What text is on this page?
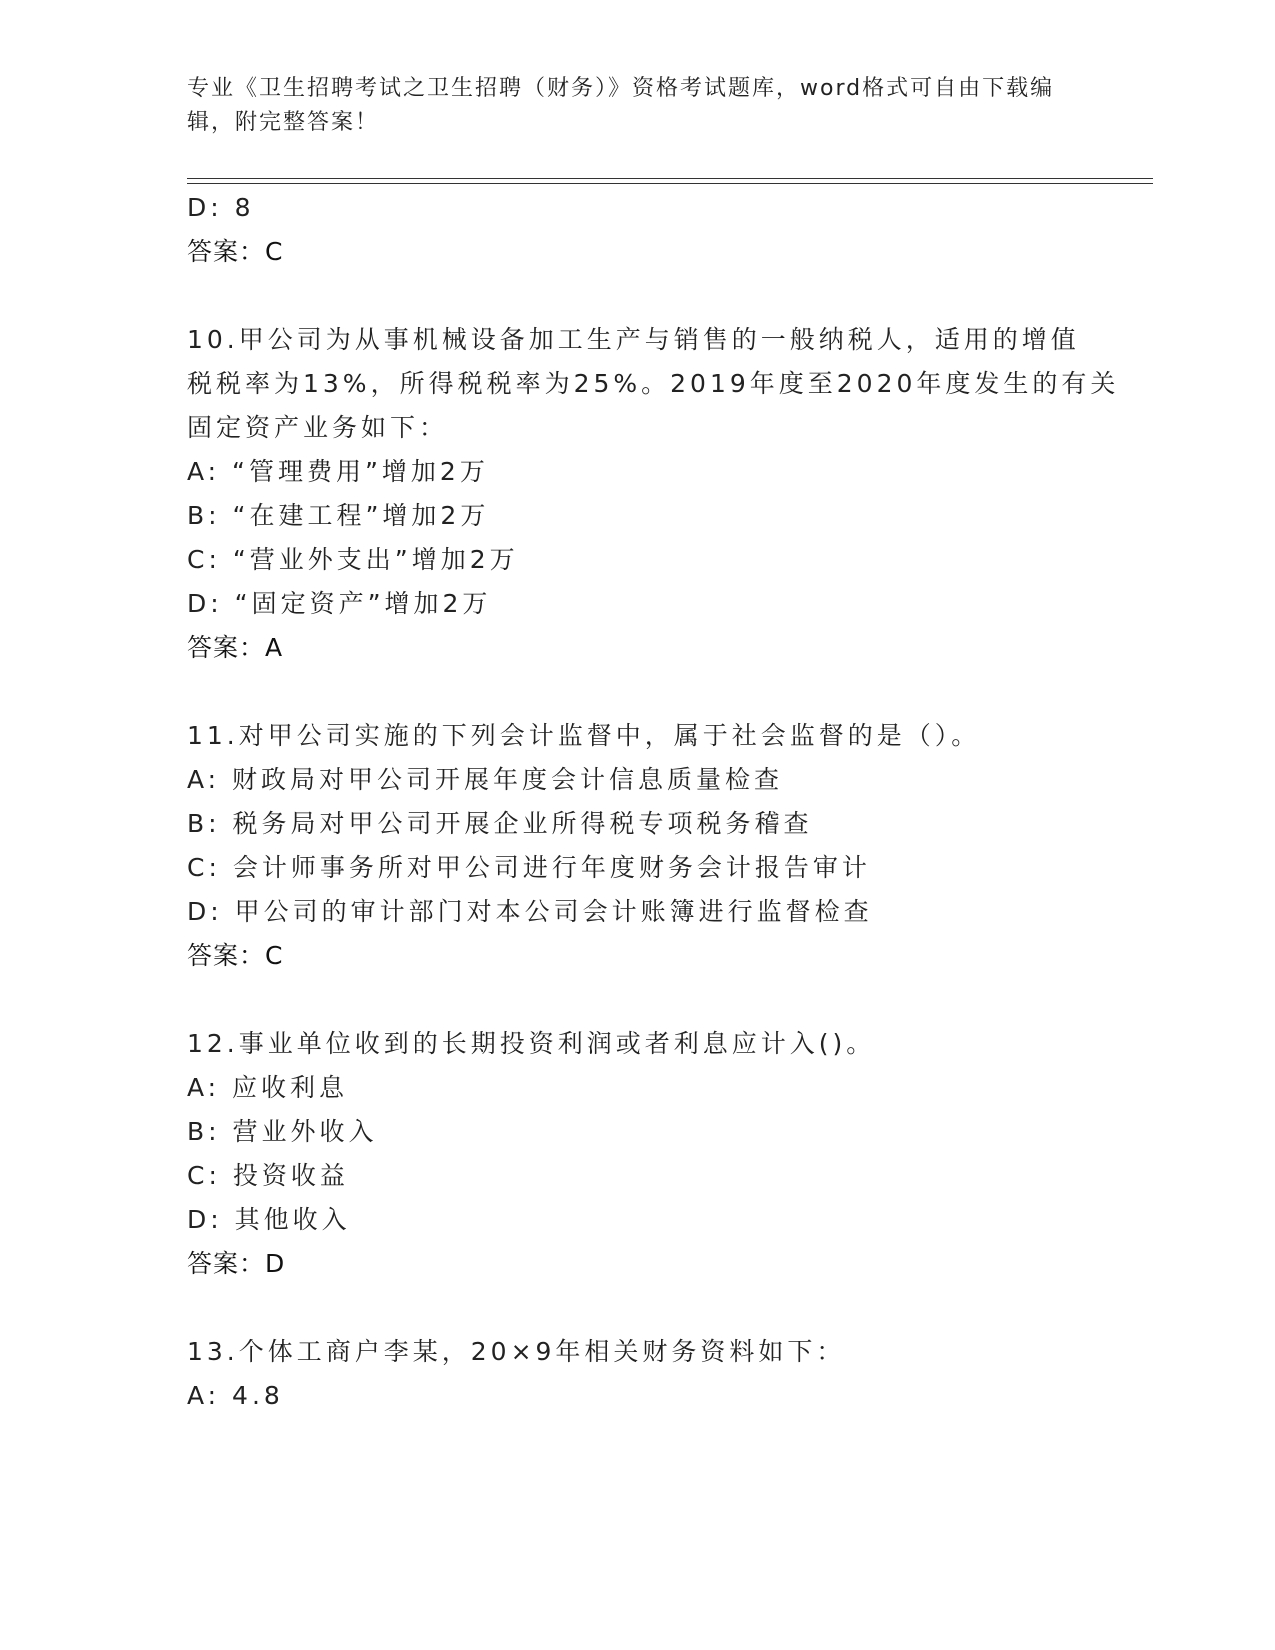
专业《卫生招聘考试之卫生招聘（财务）》资格考试题库，word格式可自由下载编辑，附完整答案！
D: 8
答案：C
10.甲公司为从事机械设备加工生产与销售的一般纳税人，适用的增值
税税率为13%，所得税税率为25%。2019年度至2020年度发生的有关
固定资产业务如下：
A: “管理费用”增加2万
B: “在建工程”增加2万
C: “营业外支出”增加2万
D: “固定资产”增加2万
答案：A
11.对甲公司实施的下列会计监督中，属于社会监督的是（）。
A: 财政局对甲公司开展年度会计信息质量检查
B: 税务局对甲公司开展企业所得税专项税务稽查
C: 会计师事务所对甲公司进行年度财务会计报告审计
D: 甲公司的审计部门对本公司会计账簿进行监督检查
答案：C
12.事业单位收到的长期投资利润或者利息应计入()。
A: 应收利息
B: 营业外收入
C: 投资收益
D: 其他收入
答案：D
13.个体工商户李某，20×9年相关财务资料如下：
A: 4.8
